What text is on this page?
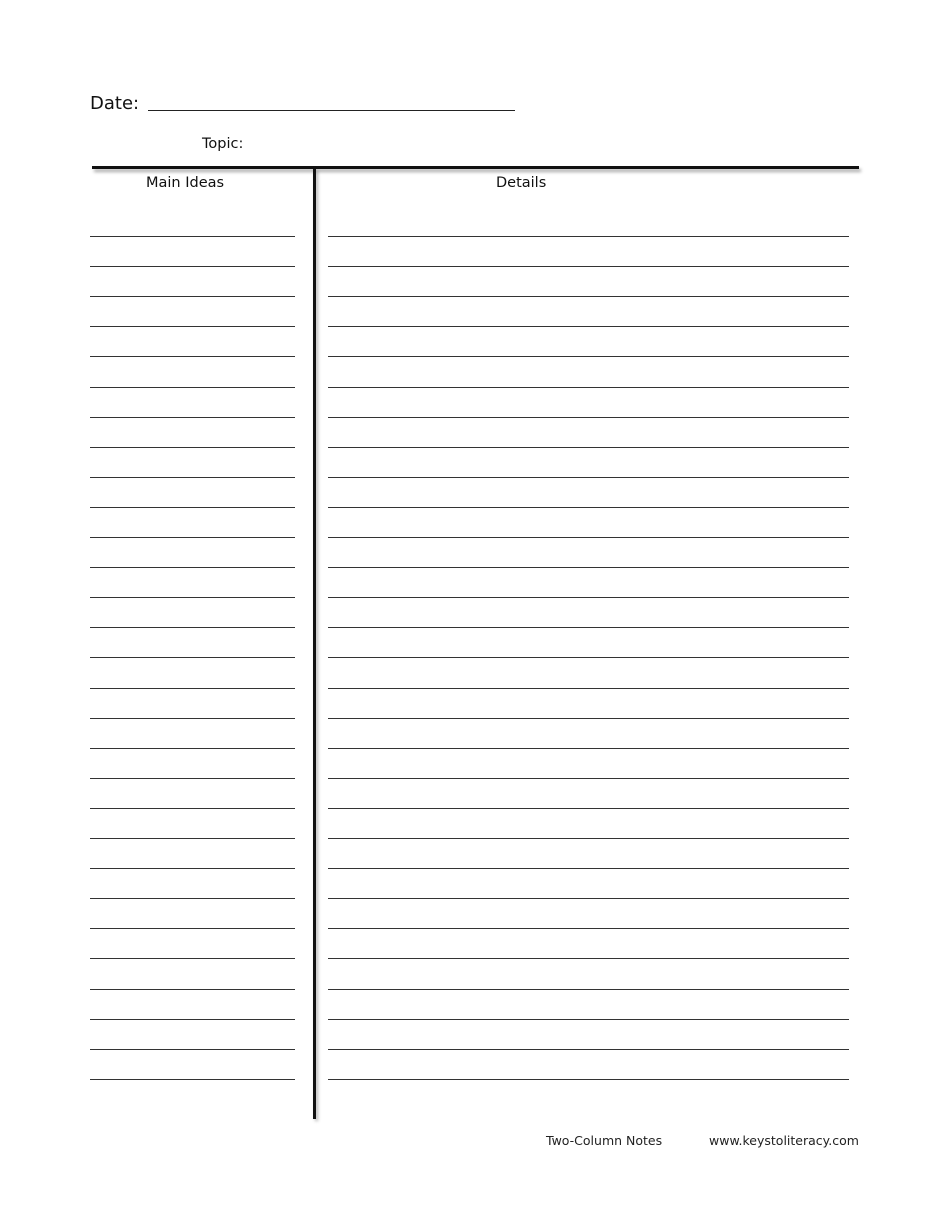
Date:
Topic:
Main Ideas	Details
Two-Column Notes	www.keystoliteracy.com
